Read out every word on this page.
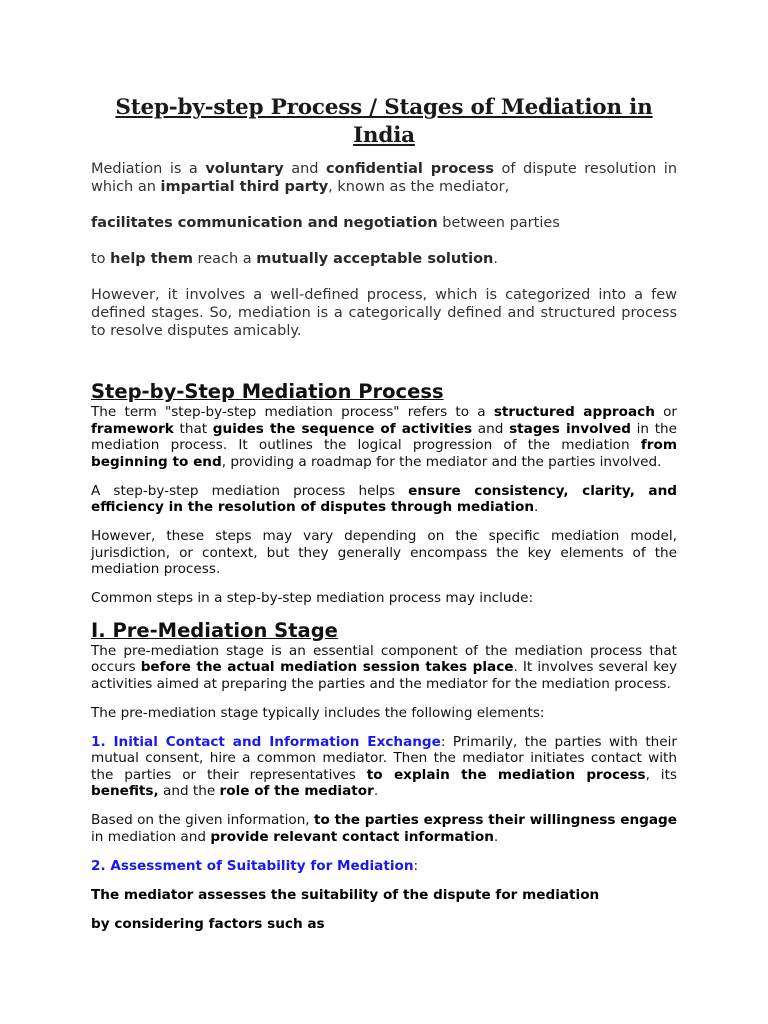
Step-by-step Process / Stages of Mediation in India

Mediation is a voluntary and confidential process of dispute resolution in which an impartial third party, known as the mediator,

facilitates communication and negotiation between parties

to help them reach a mutually acceptable solution.

However, it involves a well-defined process, which is categorized into a few defined stages. So, mediation is a categorically defined and structured process to resolve disputes amicably.

Step-by-Step Mediation Process

The term "step-by-step mediation process" refers to a structured approach or framework that guides the sequence of activities and stages involved in the mediation process. It outlines the logical progression of the mediation from beginning to end, providing a roadmap for the mediator and the parties involved.

A step-by-step mediation process helps ensure consistency, clarity, and efficiency in the resolution of disputes through mediation.

However, these steps may vary depending on the specific mediation model, jurisdiction, or context, but they generally encompass the key elements of the mediation process.

Common steps in a step-by-step mediation process may include:

I. Pre-Mediation Stage

The pre-mediation stage is an essential component of the mediation process that occurs before the actual mediation session takes place. It involves several key activities aimed at preparing the parties and the mediator for the mediation process.

The pre-mediation stage typically includes the following elements:

1. Initial Contact and Information Exchange: Primarily, the parties with their mutual consent, hire a common mediator. Then the mediator initiates contact with the parties or their representatives to explain the mediation process, its benefits, and the role of the mediator.

Based on the given information, to the parties express their willingness engage in mediation and provide relevant contact information.

2. Assessment of Suitability for Mediation:

The mediator assesses the suitability of the dispute for mediation

by considering factors such as
